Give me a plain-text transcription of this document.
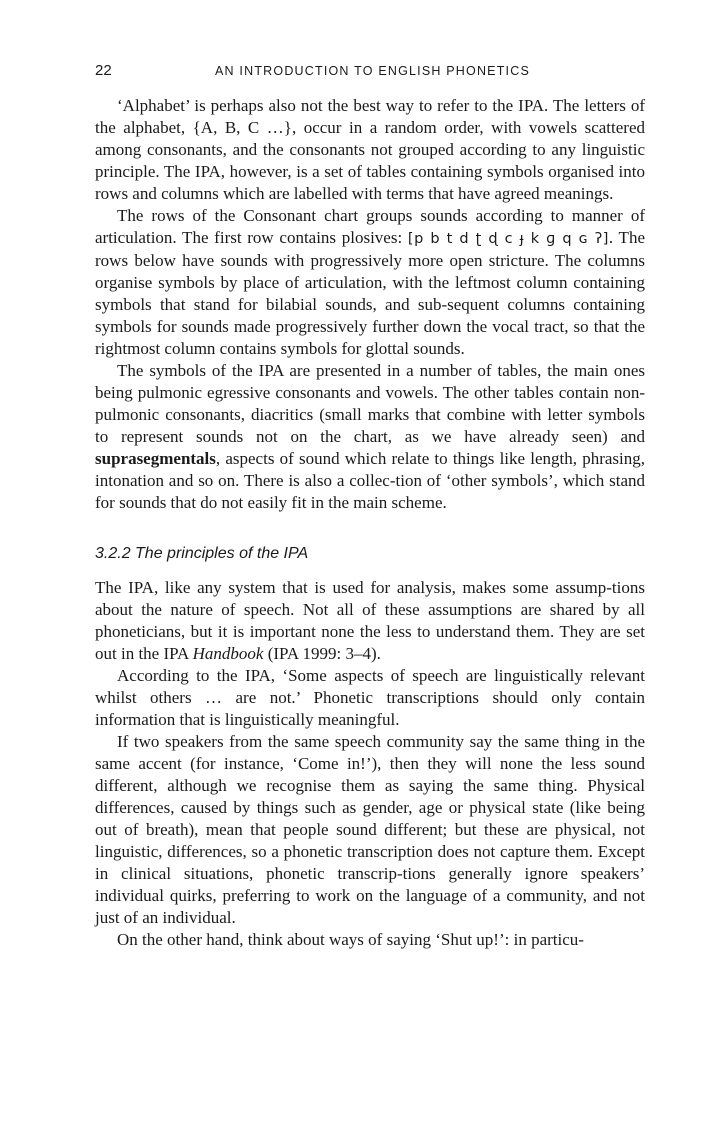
22	AN INTRODUCTION TO ENGLISH PHONETICS

‘Alphabet’ is perhaps also not the best way to refer to the IPA. The letters of the alphabet, {A, B, C …}, occur in a random order, with vowels scattered among consonants, and the consonants not grouped according to any linguistic principle. The IPA, however, is a set of tables containing symbols organised into rows and columns which are labelled with terms that have agreed meanings.

The rows of the Consonant chart groups sounds according to manner of articulation. The first row contains plosives: [p b t d ʈ ɖ c ɟ k ɡ q ɢ ʔ]. The rows below have sounds with progressively more open stricture. The columns organise symbols by place of articulation, with the leftmost column containing symbols that stand for bilabial sounds, and sub-sequent columns containing symbols for sounds made progressively further down the vocal tract, so that the rightmost column contains symbols for glottal sounds.

The symbols of the IPA are presented in a number of tables, the main ones being pulmonic egressive consonants and vowels. The other tables contain non-pulmonic consonants, diacritics (small marks that combine with letter symbols to represent sounds not on the chart, as we have already seen) and suprasegmentals, aspects of sound which relate to things like length, phrasing, intonation and so on. There is also a collec-tion of ‘other symbols’, which stand for sounds that do not easily fit in the main scheme.

3.2.2 The principles of the IPA

The IPA, like any system that is used for analysis, makes some assump-tions about the nature of speech. Not all of these assumptions are shared by all phoneticians, but it is important none the less to understand them. They are set out in the IPA Handbook (IPA 1999: 3–4).

According to the IPA, ‘Some aspects of speech are linguistically relevant whilst others … are not.’ Phonetic transcriptions should only contain information that is linguistically meaningful.

If two speakers from the same speech community say the same thing in the same accent (for instance, ‘Come in!’), then they will none the less sound different, although we recognise them as saying the same thing. Physical differences, caused by things such as gender, age or physical state (like being out of breath), mean that people sound different; but these are physical, not linguistic, differences, so a phonetic transcription does not capture them. Except in clinical situations, phonetic transcrip-tions generally ignore speakers’ individual quirks, preferring to work on the language of a community, and not just of an individual.

On the other hand, think about ways of saying ‘Shut up!’: in particu-
